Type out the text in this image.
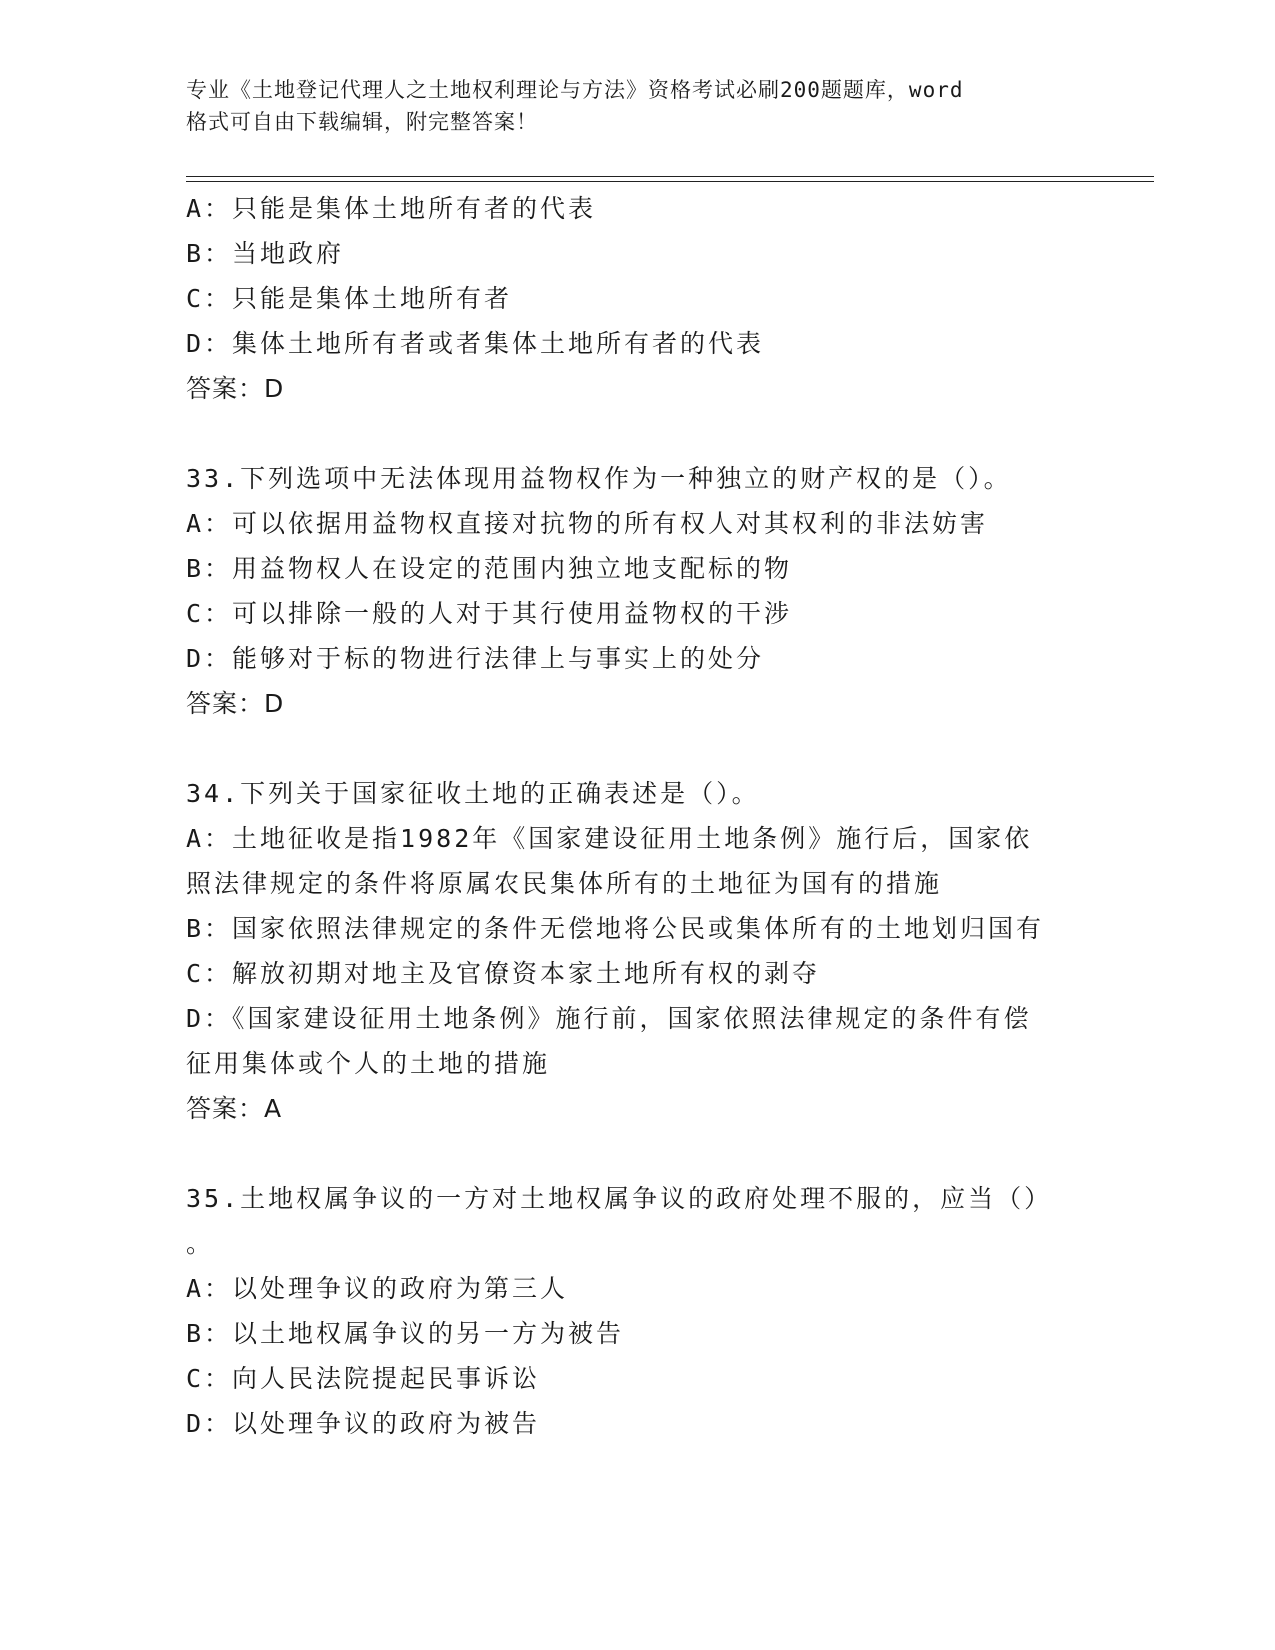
专业《土地登记代理人之土地权利理论与方法》资格考试必刷200题题库，word
格式可自由下载编辑，附完整答案！
A：只能是集体土地所有者的代表
B：当地政府
C：只能是集体土地所有者
D：集体土地所有者或者集体土地所有者的代表
答案：D
33.下列选项中无法体现用益物权作为一种独立的财产权的是（）。
A：可以依据用益物权直接对抗物的所有权人对其权利的非法妨害
B：用益物权人在设定的范围内独立地支配标的物
C：可以排除一般的人对于其行使用益物权的干涉
D：能够对于标的物进行法律上与事实上的处分
答案：D
34.下列关于国家征收土地的正确表述是（）。
A：土地征收是指1982年《国家建设征用土地条例》施行后，国家依
照法律规定的条件将原属农民集体所有的土地征为国有的措施
B：国家依照法律规定的条件无偿地将公民或集体所有的土地划归国有
C：解放初期对地主及官僚资本家土地所有权的剥夺
D：《国家建设征用土地条例》施行前，国家依照法律规定的条件有偿
征用集体或个人的土地的措施
答案：A
35.土地权属争议的一方对土地权属争议的政府处理不服的，应当（）
。
A：以处理争议的政府为第三人
B：以土地权属争议的另一方为被告
C：向人民法院提起民事诉讼
D：以处理争议的政府为被告
